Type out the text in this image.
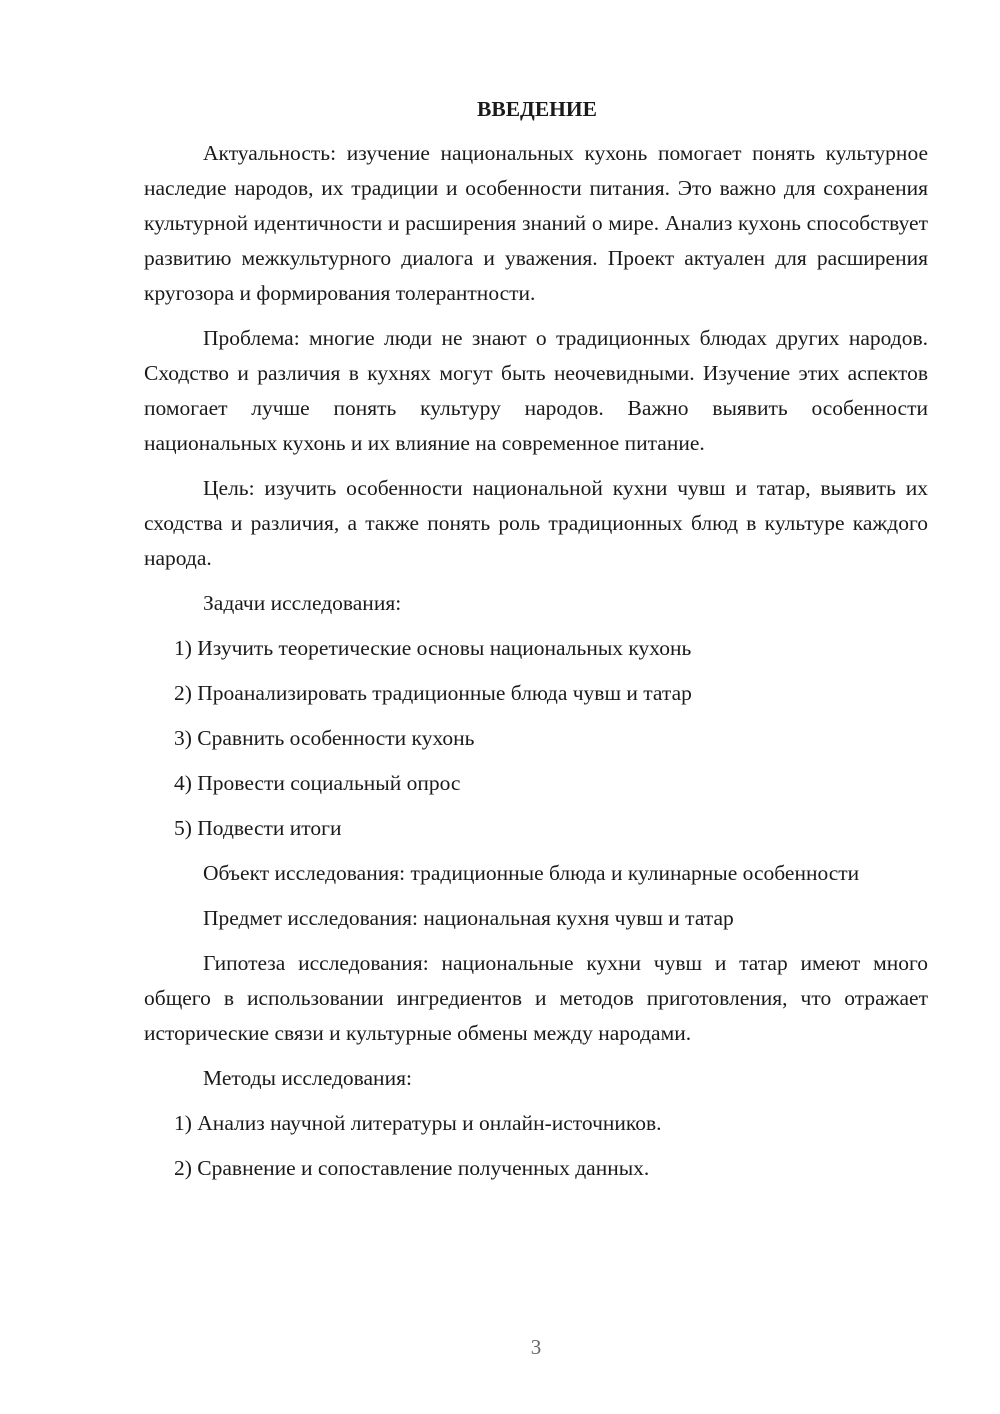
ВВЕДЕНИЕ

Актуальность: изучение национальных кухонь помогает понять культурное наследие народов, их традиции и особенности питания. Это важно для сохранения культурной идентичности и расширения знаний о мире. Анализ кухонь способствует развитию межкультурного диалога и уважения. Проект актуален для расширения кругозора и формирования толерантности.

Проблема: многие люди не знают о традиционных блюдах других народов. Сходство и различия в кухнях могут быть неочевидными. Изучение этих аспектов помогает лучше понять культуру народов. Важно выявить особенности национальных кухонь и их влияние на современное питание.

Цель: изучить особенности национальной кухни чувш и татар, выявить их сходства и различия, а также понять роль традиционных блюд в культуре каждого народа.

Задачи исследования:

1) Изучить теоретические основы национальных кухонь
2) Проанализировать традиционные блюда чувш и татар
3) Сравнить особенности кухонь
4) Провести социальный опрос
5) Подвести итоги

Объект исследования: традиционные блюда и кулинарные особенности

Предмет исследования: национальная кухня чувш и татар

Гипотеза исследования: национальные кухни чувш и татар имеют много общего в использовании ингредиентов и методов приготовления, что отражает исторические связи и культурные обмены между народами.

Методы исследования:

1) Анализ научной литературы и онлайн-источников.
2) Сравнение и сопоставление полученных данных.
3
